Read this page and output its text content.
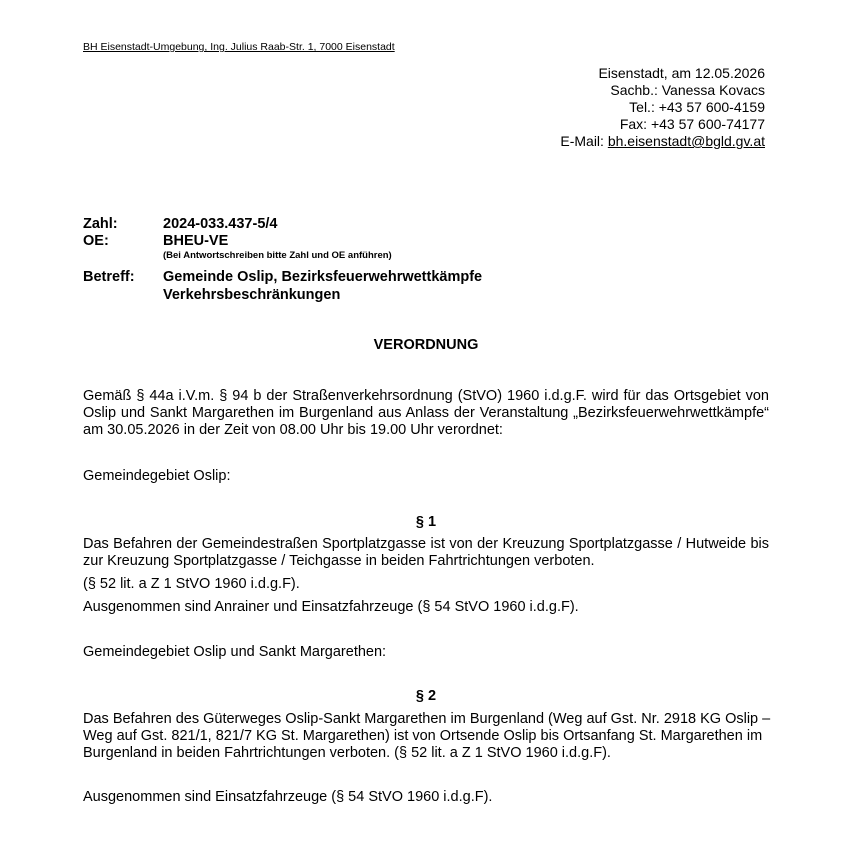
BH Eisenstadt-Umgebung, Ing. Julius Raab-Str. 1, 7000 Eisenstadt
Eisenstadt, am 12.05.2026
Sachb.: Vanessa Kovacs
Tel.: +43 57 600-4159
Fax: +43 57 600-74177
E-Mail: bh.eisenstadt@bgld.gv.at
Zahl:	2024-033.437-5/4
OE:	BHEU-VE
(Bei Antwortschreiben bitte Zahl und OE anführen)
Betreff:	Gemeinde Oslip, Bezirksfeuerwehrwettkämpfe
Verkehrsbeschränkungen
VERORDNUNG
Gemäß § 44a i.V.m. § 94 b der Straßenverkehrsordnung (StVO) 1960 i.d.g.F. wird für das Ortsgebiet von Oslip und Sankt Margarethen im Burgenland aus Anlass der Veranstaltung „Bezirksfeuerwehrwettkämpfe“ am 30.05.2026 in der Zeit von 08.00 Uhr bis 19.00 Uhr verordnet:
Gemeindegebiet Oslip:
§ 1
Das Befahren der Gemeindestraßen Sportplatzgasse ist von der Kreuzung Sportplatzgasse / Hutweide bis zur Kreuzung Sportplatzgasse / Teichgasse in beiden Fahrtrichtungen verboten.
(§ 52 lit. a Z 1 StVO 1960 i.d.g.F).
Ausgenommen sind Anrainer und Einsatzfahrzeuge (§ 54 StVO 1960 i.d.g.F).
Gemeindegebiet Oslip und Sankt Margarethen:
§ 2
Das Befahren des Güterweges Oslip-Sankt Margarethen im Burgenland (Weg auf Gst. Nr. 2918 KG Oslip – Weg auf Gst. 821/1, 821/7 KG St. Margarethen) ist von Ortsende Oslip bis Ortsanfang St. Margarethen im Burgenland in beiden Fahrtrichtungen verboten. (§ 52 lit. a Z 1 StVO 1960 i.d.g.F).
Ausgenommen sind Einsatzfahrzeuge (§ 54 StVO 1960 i.d.g.F).
